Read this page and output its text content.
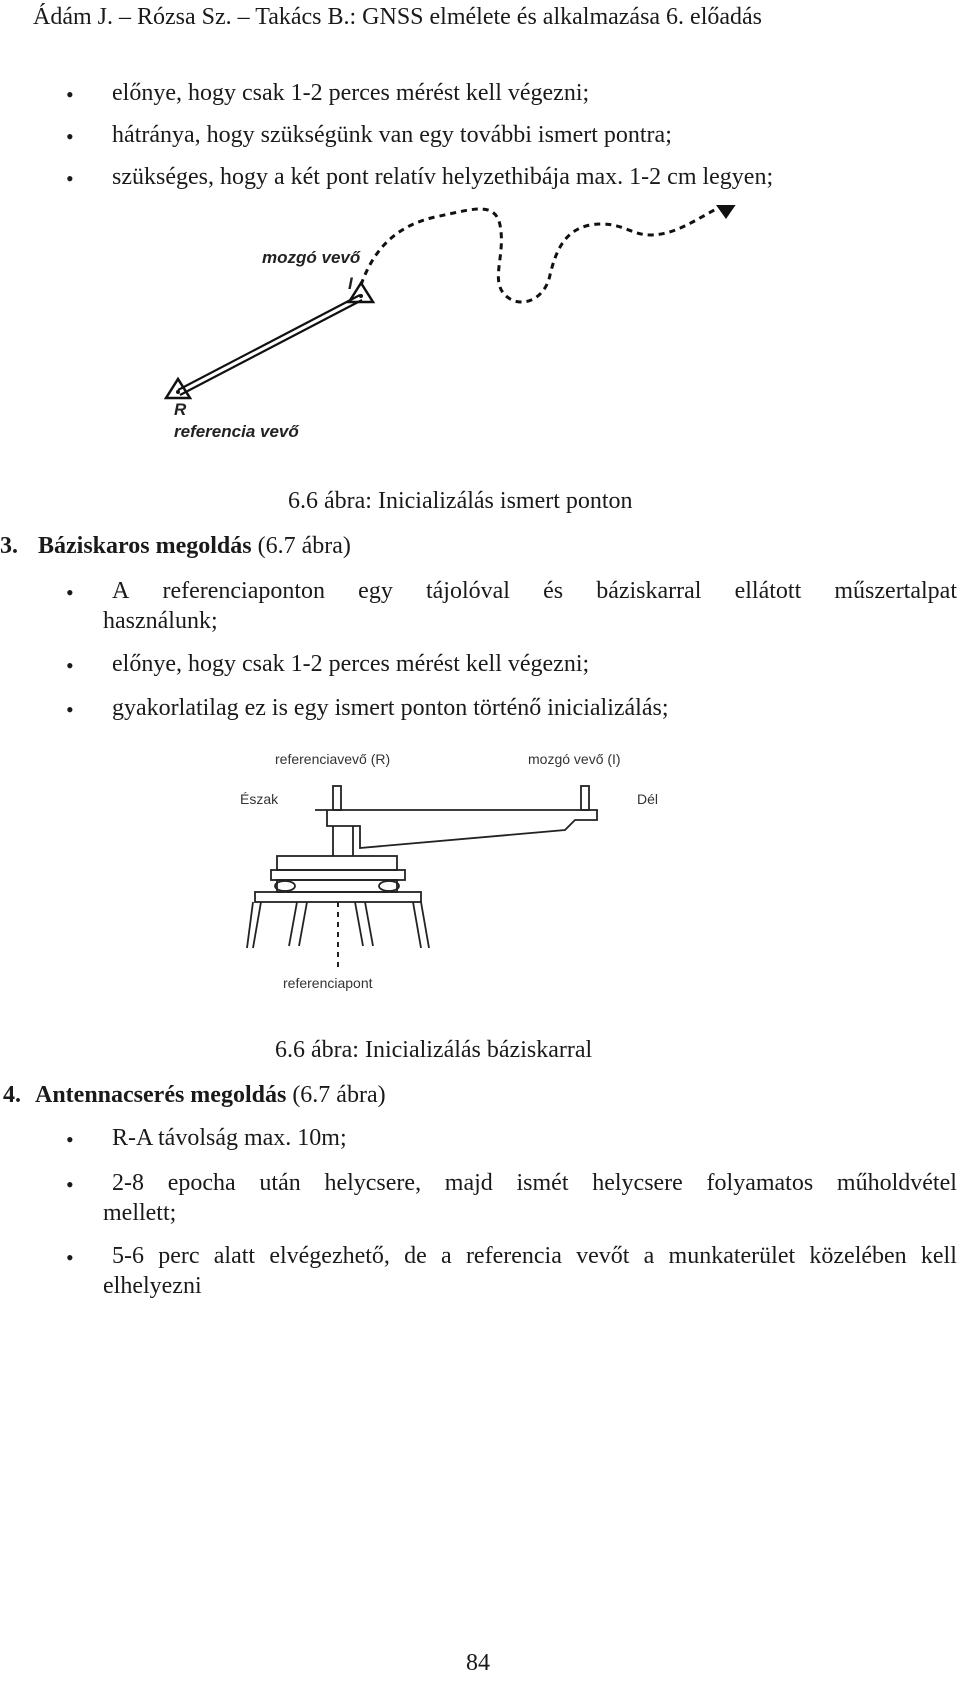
Ádám J. – Rózsa Sz. – Takács B.: GNSS elmélete és alkalmazása 6. előadás
• előnye, hogy csak 1-2 perces mérést kell végezni;
• hátránya, hogy szükségünk van egy további ismert pontra;
• szükséges, hogy a két pont relatív helyzethibája max. 1-2 cm legyen;
mozgó vevő
I
R
referencia vevő
6.6 ábra: Inicializálás ismert ponton
3. Báziskaros megoldás (6.7 ábra)
• A referenciaponton egy tájolóval és báziskarral ellátott műszertalpat
használunk;
• előnye, hogy csak 1-2 perces mérést kell végezni;
• gyakorlatilag ez is egy ismert ponton történő inicializálás;
referenciavevő (R)	mozgó vevő (I)
Észak	Dél
referenciapont
6.6 ábra: Inicializálás báziskarral
4. Antennacserés megoldás (6.7 ábra)
• R-A távolság max. 10m;
• 2-8 epocha után helycsere, majd ismét helycsere folyamatos műholdvétel
mellett;
• 5-6 perc alatt elvégezhető, de a referencia vevőt a munkaterület közelében kell
elhelyezni
84
